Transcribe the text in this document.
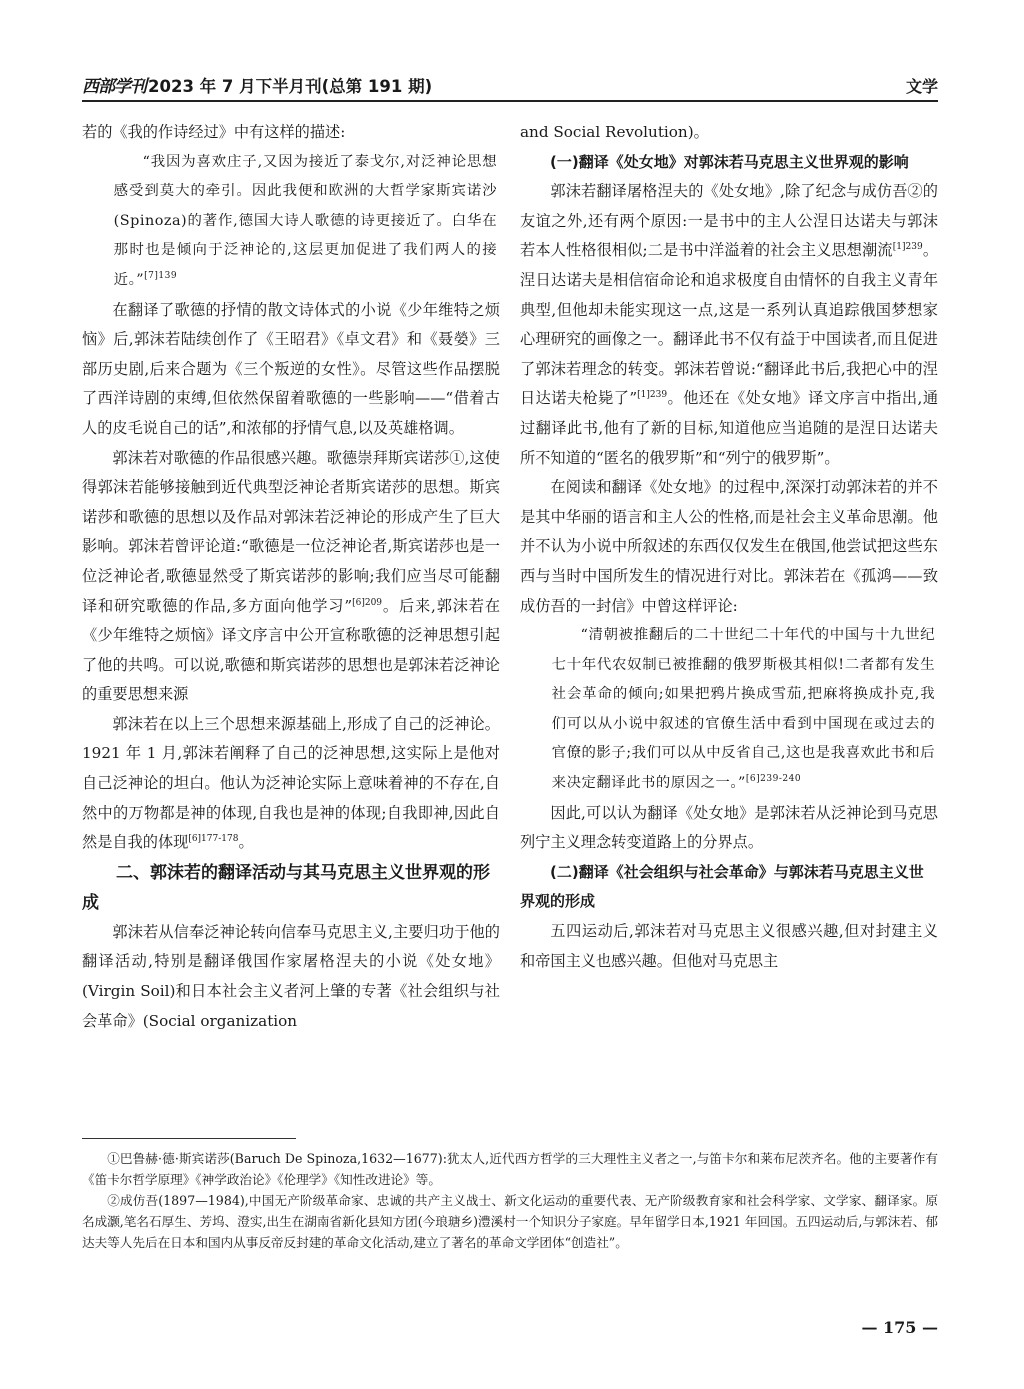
西部学刊 2023 年 7 月下半月刊(总第 191 期)	文学

若的《我的作诗经过》中有这样的描述:

“我因为喜欢庄子,又因为接近了泰戈尔,对泛神论思想感受到莫大的牵引。因此我便和欧洲的大哲学家斯宾诺沙(Spinoza)的著作,德国大诗人歌德的诗更接近了。白华在那时也是倾向于泛神论的,这层更加促进了我们两人的接近。”$^{[7]139}$

在翻译了歌德的抒情的散文诗体式的小说《少年维特之烦恼》后,郭沫若陆续创作了《王昭君》《卓文君》和《聂嫈》三部历史剧,后来合题为《三个叛逆的女性》。尽管这些作品摆脱了西洋诗剧的束缚,但依然保留着歌德的一些影响——“借着古人的皮毛说自己的话”,和浓郁的抒情气息,以及英雄格调。

郭沫若对歌德的作品很感兴趣。歌德崇拜斯宾诺莎①,这使得郭沫若能够接触到近代典型泛神论者斯宾诺莎的思想。斯宾诺莎和歌德的思想以及作品对郭沫若泛神论的形成产生了巨大影响。郭沫若曾评论道:“歌德是一位泛神论者,斯宾诺莎也是一位泛神论者,歌德显然受了斯宾诺莎的影响;我们应当尽可能翻译和研究歌德的作品,多方面向他学习”$^{[6]209}$。后来,郭沫若在《少年维特之烦恼》译文序言中公开宣称歌德的泛神思想引起了他的共鸣。可以说,歌德和斯宾诺莎的思想也是郭沫若泛神论的重要思想来源

郭沫若在以上三个思想来源基础上,形成了自己的泛神论。1921 年 1 月,郭沫若阐释了自己的泛神思想,这实际上是他对自己泛神论的坦白。他认为泛神论实际上意味着神的不存在,自然中的万物都是神的体现,自我也是神的体现;自我即神,因此自然是自我的体现$^{[6]177-178}$。

二、郭沫若的翻译活动与其马克思主义世界观的形成

郭沫若从信奉泛神论转向信奉马克思主义,主要归功于他的翻译活动,特别是翻译俄国作家屠格涅夫的小说《处女地》(Virgin Soil)和日本社会主义者河上肇的专著《社会组织与社会革命》(Social organization

and Social Revolution)。

(一)翻译《处女地》对郭沫若马克思主义世界观的影响

郭沫若翻译屠格涅夫的《处女地》,除了纪念与成仿吾②的友谊之外,还有两个原因:一是书中的主人公涅日达诺夫与郭沫若本人性格很相似;二是书中洋溢着的社会主义思想潮流$^{[1]239}$。涅日达诺夫是相信宿命论和追求极度自由情怀的自我主义青年典型,但他却未能实现这一点,这是一系列认真追踪俄国梦想家心理研究的画像之一。翻译此书不仅有益于中国读者,而且促进了郭沫若理念的转变。郭沫若曾说:“翻译此书后,我把心中的涅日达诺夫枪毙了”$^{[1]239}$。他还在《处女地》译文序言中指出,通过翻译此书,他有了新的目标,知道他应当追随的是涅日达诺夫所不知道的“匿名的俄罗斯”和“列宁的俄罗斯”。

在阅读和翻译《处女地》的过程中,深深打动郭沫若的并不是其中华丽的语言和主人公的性格,而是社会主义革命思潮。他并不认为小说中所叙述的东西仅仅发生在俄国,他尝试把这些东西与当时中国所发生的情况进行对比。郭沫若在《孤鸿——致成仿吾的一封信》中曾这样评论:

“清朝被推翻后的二十世纪二十年代的中国与十九世纪七十年代农奴制已被推翻的俄罗斯极其相似!二者都有发生社会革命的倾向;如果把鸦片换成雪茄,把麻将换成扑克,我们可以从小说中叙述的官僚生活中看到中国现在或过去的官僚的影子;我们可以从中反省自己,这也是我喜欢此书和后来决定翻译此书的原因之一。”$^{[6]239-240}$

因此,可以认为翻译《处女地》是郭沫若从泛神论到马克思列宁主义理念转变道路上的分界点。

(二)翻译《社会组织与社会革命》与郭沫若马克思主义世界观的形成

五四运动后,郭沫若对马克思主义很感兴趣,但对封建主义和帝国主义也感兴趣。但他对马克思主

①巴鲁赫·德·斯宾诺莎(Baruch De Spinoza,1632—1677):犹太人,近代西方哲学的三大理性主义者之一,与笛卡尔和莱布尼茨齐名。他的主要著作有《笛卡尔哲学原理》《神学政治论》《伦理学》《知性改进论》等。

②成仿吾(1897—1984),中国无产阶级革命家、忠诚的共产主义战士、新文化运动的重要代表、无产阶级教育家和社会科学家、文学家、翻译家。原名成灏,笔名石厚生、芳坞、澄实,出生在湖南省新化县知方团(今琅瑭乡)澧溪村一个知识分子家庭。早年留学日本,1921 年回国。五四运动后,与郭沫若、郁达夫等人先后在日本和国内从事反帝反封建的革命文化活动,建立了著名的革命文学团体“创造社”。

— 175 —
